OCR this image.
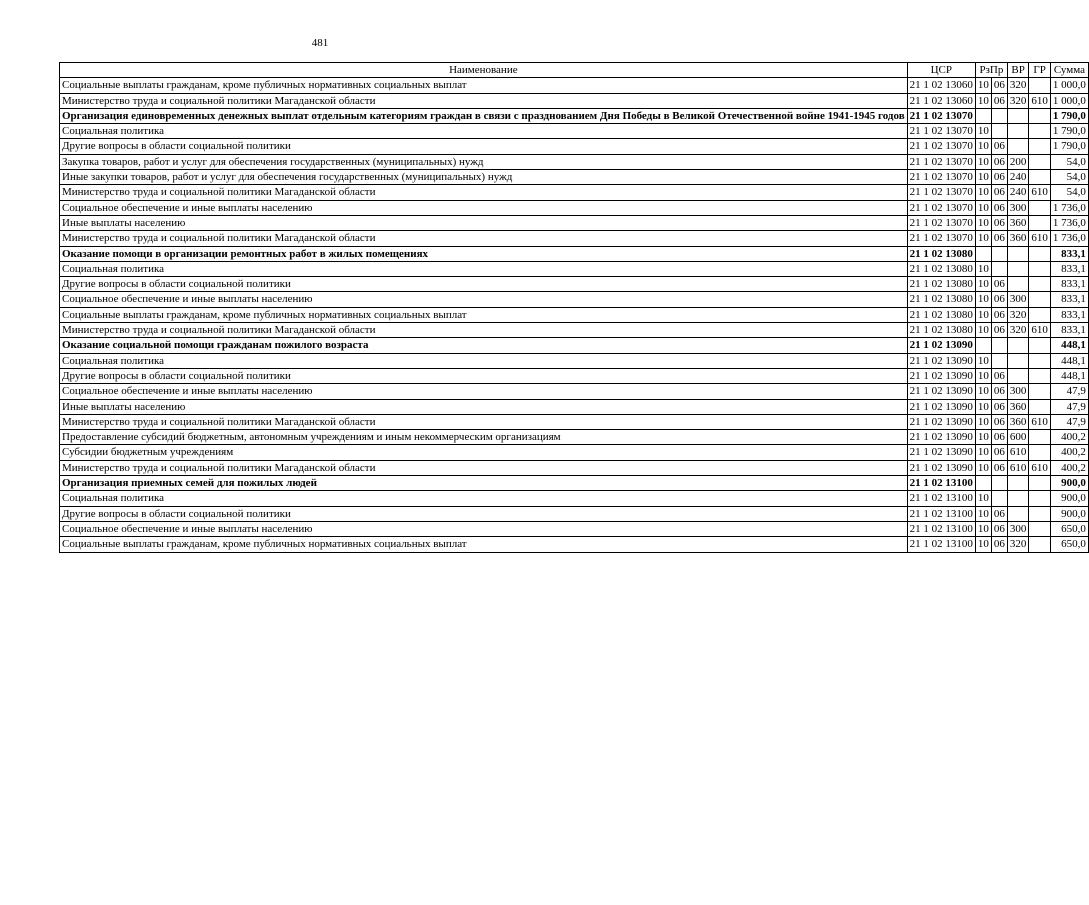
481
Наименование	ЦСР	РзПр		ВР	ГР	Сумма
Социальные выплаты гражданам, кроме публичных нормативных социальных выплат	21 1 02 13060	10	06	320		1 000,0
Министерство труда и социальной политики Магаданской области	21 1 02 13060	10	06	320	610	1 000,0
Организация единовременных денежных выплат отдельным категориям граждан в связи с празднованием Дня Победы в Великой Отечественной войне 1941-1945 годов	21 1 02 13070					1 790,0
Социальная политика	21 1 02 13070	10				1 790,0
Другие вопросы в области социальной политики	21 1 02 13070	10	06			1 790,0
Закупка товаров, работ и услуг для обеспечения государственных (муниципальных) нужд	21 1 02 13070	10	06	200		54,0
Иные закупки товаров, работ и услуг для обеспечения государственных (муниципальных) нужд	21 1 02 13070	10	06	240		54,0
Министерство труда и социальной политики Магаданской области	21 1 02 13070	10	06	240	610	54,0
Социальное обеспечение и иные выплаты населению	21 1 02 13070	10	06	300		1 736,0
Иные выплаты населению	21 1 02 13070	10	06	360		1 736,0
Министерство труда и социальной политики Магаданской области	21 1 02 13070	10	06	360	610	1 736,0
Оказание помощи в организации ремонтных работ в жилых помещениях	21 1 02 13080					833,1
Социальная политика	21 1 02 13080	10				833,1
Другие вопросы в области социальной политики	21 1 02 13080	10	06			833,1
Социальное обеспечение и иные выплаты населению	21 1 02 13080	10	06	300		833,1
Социальные выплаты гражданам, кроме публичных нормативных социальных выплат	21 1 02 13080	10	06	320		833,1
Министерство труда и социальной политики Магаданской области	21 1 02 13080	10	06	320	610	833,1
Оказание социальной помощи гражданам пожилого возраста	21 1 02 13090					448,1
Социальная политика	21 1 02 13090	10				448,1
Другие вопросы в области социальной политики	21 1 02 13090	10	06			448,1
Социальное обеспечение и иные выплаты населению	21 1 02 13090	10	06	300		47,9
Иные выплаты населению	21 1 02 13090	10	06	360		47,9
Министерство труда и социальной политики Магаданской области	21 1 02 13090	10	06	360	610	47,9
Предоставление субсидий бюджетным, автономным учреждениям и иным некоммерческим организациям	21 1 02 13090	10	06	600		400,2
Субсидии бюджетным учреждениям	21 1 02 13090	10	06	610		400,2
Министерство труда и социальной политики Магаданской области	21 1 02 13090	10	06	610	610	400,2
Организация приемных семей для пожилых людей	21 1 02 13100					900,0
Социальная политика	21 1 02 13100	10				900,0
Другие вопросы в области социальной политики	21 1 02 13100	10	06			900,0
Социальное обеспечение и иные выплаты населению	21 1 02 13100	10	06	300		650,0
Социальные выплаты гражданам, кроме публичных нормативных социальных выплат	21 1 02 13100	10	06	320		650,0
